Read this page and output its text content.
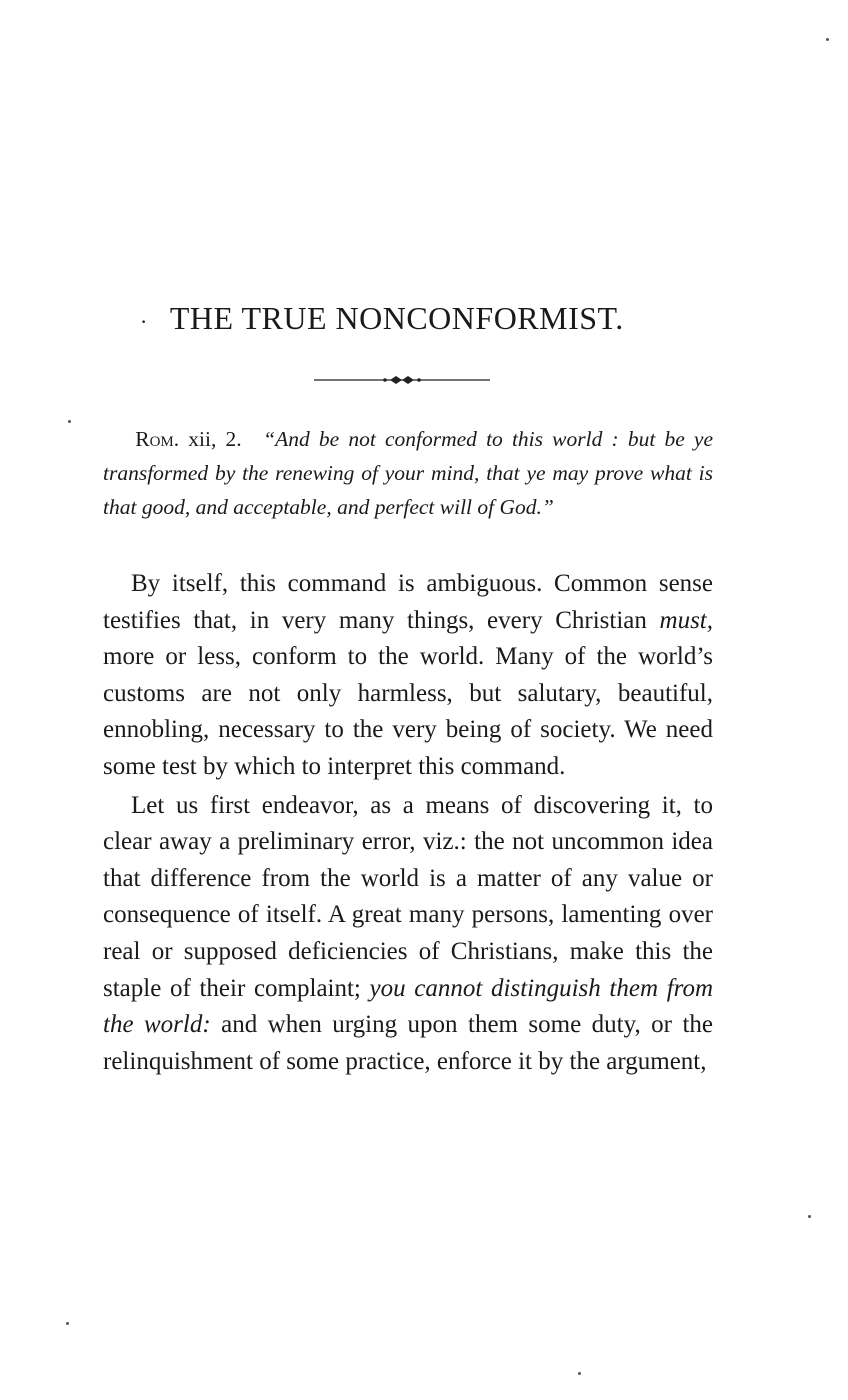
· THE TRUE NONCONFORMIST.
  Rom. xii, 2.  “And be not conformed to this world : but be ye transformed by the renewing of your mind, that ye may prove what is that good, and acceptable, and perfect will of God.”

By itself, this command is ambiguous. Common sense testifies that, in very many things, every Christian must, more or less, conform to the world. Many of the world’s customs are not only harmless, but salutary, beautiful, ennobling, necessary to the very being of society. We need some test by which to interpret this command.

Let us first endeavor, as a means of discovering it, to clear away a preliminary error, viz.: the not uncommon idea that difference from the world is a matter of any value or consequence of itself. A great many persons, lamenting over real or supposed deficiencies of Christians, make this the staple of their complaint; you cannot distinguish them from the world: and when urging upon them some duty, or the relinquishment of some practice, enforce it by the argument,
